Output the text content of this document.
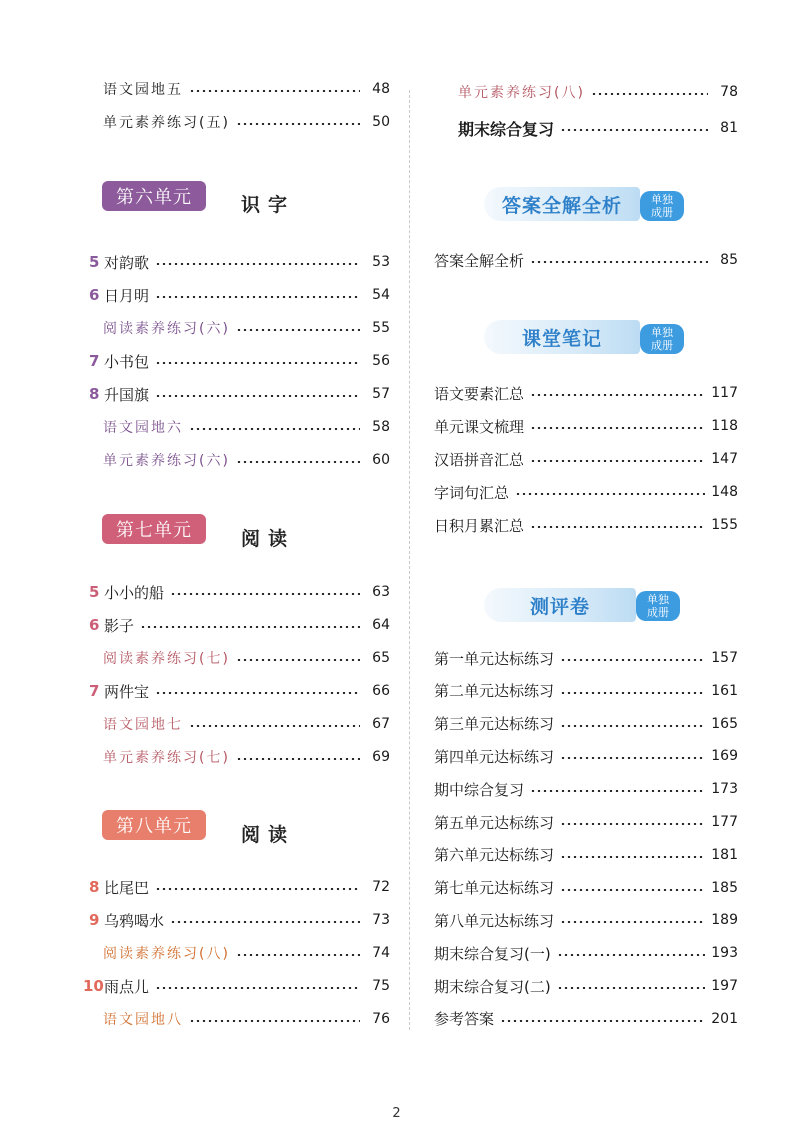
语文园地五	48
单元素养练习(五)	50
第六单元	识字
5 对韵歌	53
6 日月明	54
阅读素养练习(六)	55
7 小书包	56
8 升国旗	57
语文园地六	58
单元素养练习(六)	60
第七单元	阅读
5 小小的船	63
6 影子	64
阅读素养练习(七)	65
7 两件宝	66
语文园地七	67
单元素养练习(七)	69
第八单元	阅读
8 比尾巴	72
9 乌鸦喝水	73
阅读素养练习(八)	74
10 雨点儿	75
语文园地八	76
单元素养练习(八)	78
期末综合复习	81
答案全解全析	单独
成册
答案全解全析	85
课堂笔记	单独
成册
语文要素汇总	117
单元课文梳理	118
汉语拼音汇总	147
字词句汇总	148
日积月累汇总	155
测评卷	单独
成册
第一单元达标练习	157
第二单元达标练习	161
第三单元达标练习	165
第四单元达标练习	169
期中综合复习	173
第五单元达标练习	177
第六单元达标练习	181
第七单元达标练习	185
第八单元达标练习	189
期末综合复习(一)	193
期末综合复习(二)	197
参考答案	201
2
